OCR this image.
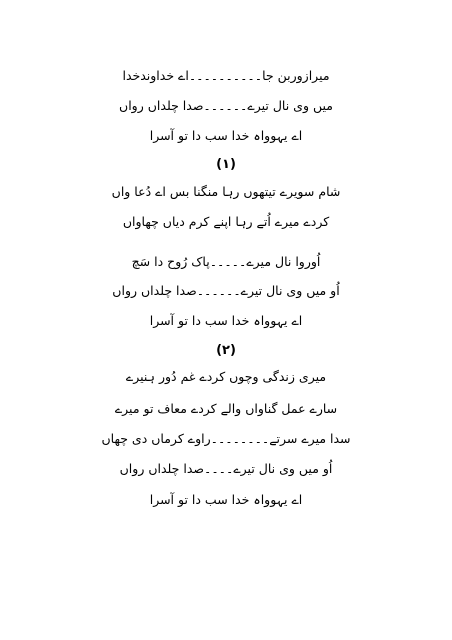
میرازوربن جا۔۔۔۔۔۔۔۔۔۔اے خداوندخدا
میں وی نال تیرے۔۔۔۔۔۔صدا چلداں رواں
اے یہوواہ خدا سب دا تو آسرا
(۱)
شام سویرے تیتھوں رہا منگنا بس اے دُعا واں
کردے میرے اُتے رہا اپنے کرم دیاں چھاواں
اُوروا نال میرے۔۔۔۔۔پاک رُوح دا سَچ
اُو میں وی نال تیرے۔۔۔۔۔۔صدا چلداں رواں
اے یہوواہ خدا سب دا تو آسرا
(۲)
میری زندگی وچوں کردے غم دُور ہنیرے
سارے عمل گناواں والے کردے معاف تو میرے
سدا میرے سرتے۔۔۔۔۔۔۔۔راوے کرماں دی چھاں
اُو میں وی نال تیرے۔۔۔۔صدا چلداں رواں
اے یہوواہ خدا سب دا تو آسرا
